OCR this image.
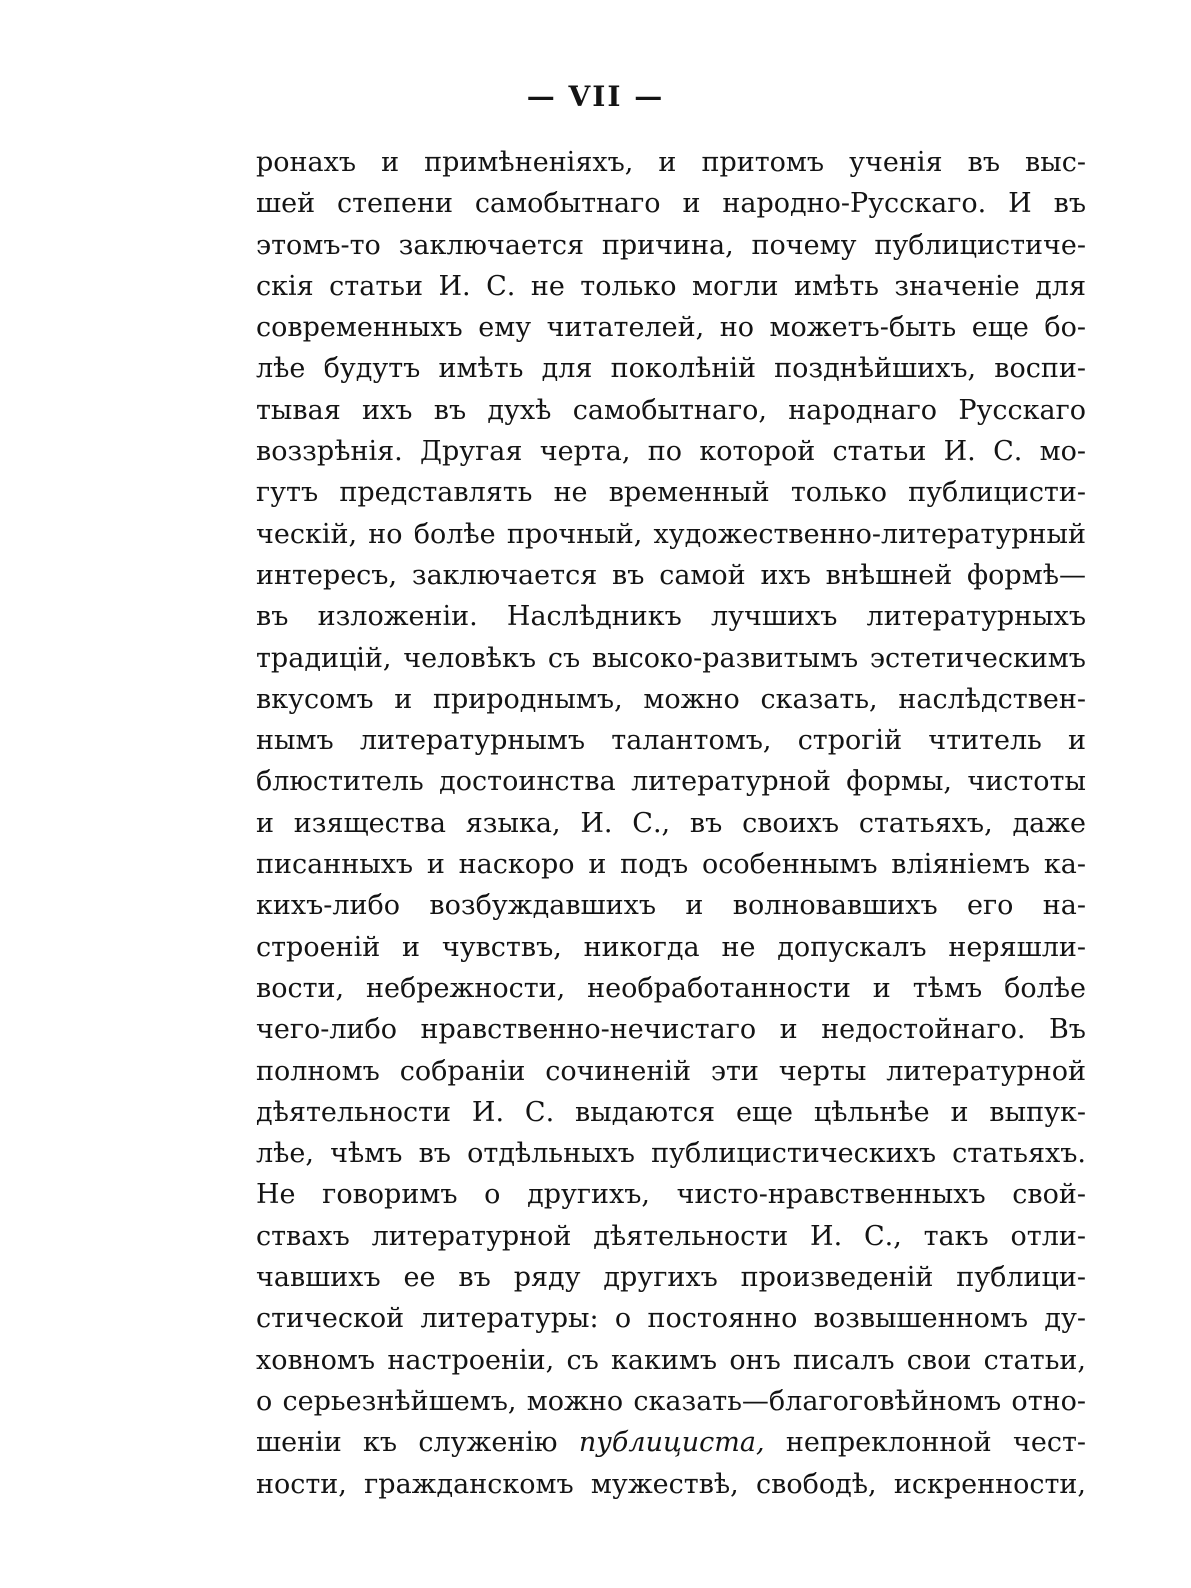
— VII —
ронахъ и примѣненіяхъ, и притомъ ученія въ выс-
шей степени самобытнаго и народно-Русскаго. И въ
этомъ-то заключается причина, почему публицистиче-
скія статьи И. С. не только могли имѣть значеніе для
современныхъ ему читателей, но можетъ-быть еще бо-
лѣе будутъ имѣть для поколѣній позднѣйшихъ, воспи-
тывая ихъ въ духѣ самобытнаго, народнаго Русскаго
воззрѣнія. Другая черта, по которой статьи И. С. мо-
гутъ представлять не временный только публицисти-
ческій, но болѣе прочный, художественно-литературный
интересъ, заключается въ самой ихъ внѣшней формѣ—
въ изложеніи. Наслѣдникъ лучшихъ литературныхъ
традицій, человѣкъ съ высоко-развитымъ эстетическимъ
вкусомъ и природнымъ, можно сказать, наслѣдствен-
нымъ литературнымъ талантомъ, строгій чтитель и
блюститель достоинства литературной формы, чистоты
и изящества языка, И. С., въ своихъ статьяхъ, даже
писанныхъ и наскоро и подъ особеннымъ вліяніемъ ка-
кихъ-либо возбуждавшихъ и волновавшихъ его на-
строеній и чувствъ, никогда не допускалъ неряшли-
вости, небрежности, необработанности и тѣмъ болѣе
чего-либо нравственно-нечистаго и недостойнаго. Въ
полномъ собраніи сочиненій эти черты литературной
дѣятельности И. С. выдаются еще цѣльнѣе и выпук-
лѣе, чѣмъ въ отдѣльныхъ публицистическихъ статьяхъ.
Не говоримъ о другихъ, чисто-нравственныхъ свой-
ствахъ литературной дѣятельности И. С., такъ отли-
чавшихъ ее въ ряду другихъ произведеній публици-
стической литературы: о постоянно возвышенномъ ду-
ховномъ настроеніи, съ какимъ онъ писалъ свои статьи,
о серьезнѣйшемъ, можно сказать—благоговѣйномъ отно-
шеніи къ служенію публициста, непреклонной чест-
ности, гражданскомъ мужествѣ, свободѣ, искренности,
